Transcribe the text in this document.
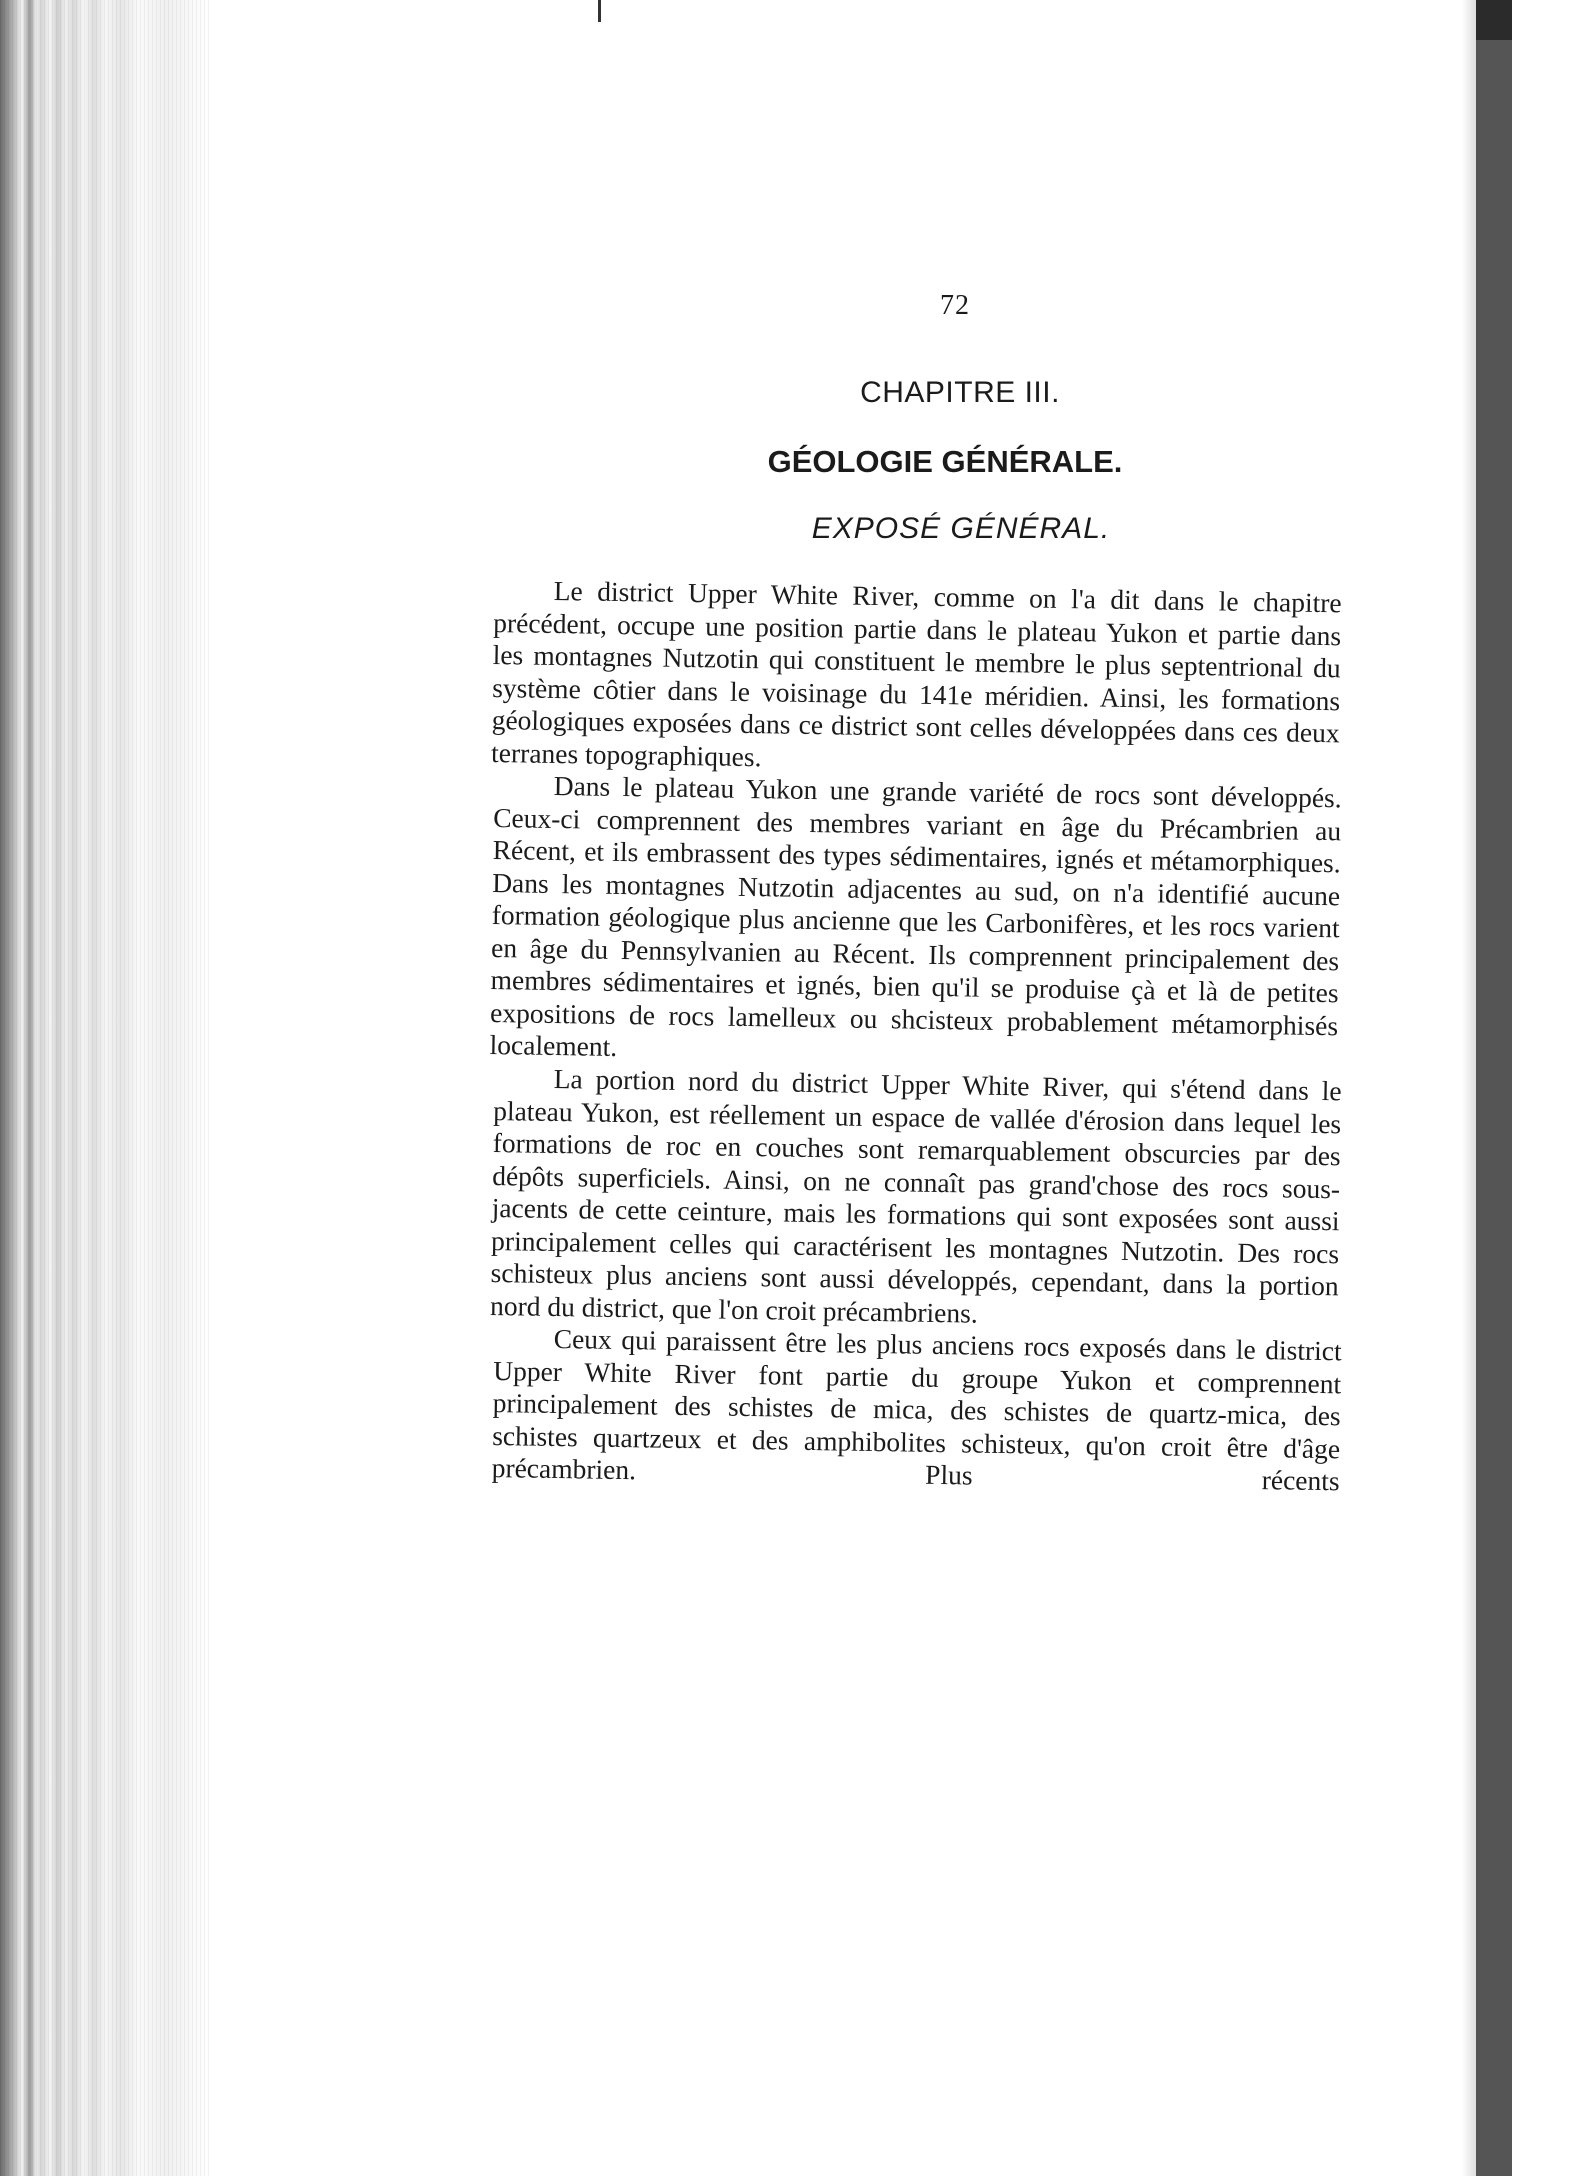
72
CHAPITRE III.
GÉOLOGIE GÉNÉRALE.
EXPOSÉ GÉNÉRAL.

Le district Upper White River, comme on l'a dit dans le chapitre précédent, occupe une position partie dans le plateau Yukon et partie dans les montagnes Nutzotin qui constituent le membre le plus septentrional du système côtier dans le voisinage du 141e méridien. Ainsi, les formations géologiques exposées dans ce district sont celles développées dans ces deux terranes topographiques.

Dans le plateau Yukon une grande variété de rocs sont développés. Ceux-ci comprennent des membres variant en âge du Précambrien au Récent, et ils embrassent des types sédimentaires, ignés et métamorphiques. Dans les montagnes Nutzotin adjacentes au sud, on n'a identifié aucune formation géologique plus ancienne que les Carbonifères, et les rocs varient en âge du Pennsylvanien au Récent. Ils comprennent principalement des membres sédimentaires et ignés, bien qu'il se produise çà et là de petites expositions de rocs lamelleux ou shcisteux probablement métamorphisés localement.

La portion nord du district Upper White River, qui s'étend dans le plateau Yukon, est réellement un espace de vallée d'érosion dans lequel les formations de roc en couches sont remarquablement obscurcies par des dépôts superficiels. Ainsi, on ne connaît pas grand'chose des rocs sous-jacents de cette ceinture, mais les formations qui sont exposées sont aussi principalement celles qui caractérisent les montagnes Nutzotin. Des rocs schisteux plus anciens sont aussi développés, cependant, dans la portion nord du district, que l'on croit précambriens.

Ceux qui paraissent être les plus anciens rocs exposés dans le district Upper White River font partie du groupe Yukon et comprennent principalement des schistes de mica, des schistes de quartz-mica, des schistes quartzeux et des amphibolites schisteux, qu'on croit être d'âge précambrien. Plus récents
